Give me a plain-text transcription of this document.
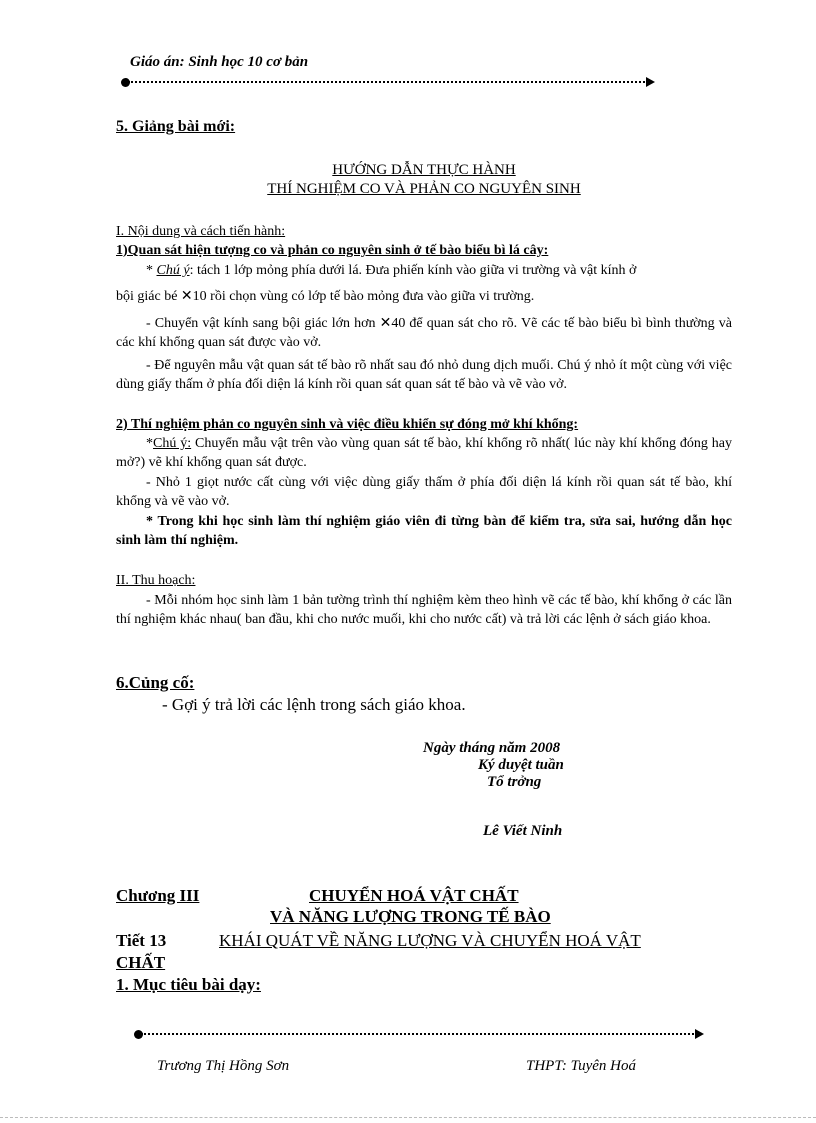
Giáo án: Sinh học 10 cơ bản
5. Giảng bài mới:
HƯỚNG DẪN THỰC HÀNH
THÍ NGHIỆM CO VÀ PHẢN CO NGUYÊN SINH
I. Nội dung và cách tiến hành:
1)Quan sát hiện tượng co và phản co nguyên sinh ở tế bào biểu bì lá cây:
* Chú ý: tách 1 lớp mỏng phía dưới lá. Đưa phiến kính vào giữa vi trường và vật kính ở
bội giác bé ✕10 rồi chọn vùng có lớp tế bào mỏng đưa vào giữa vi trường.
- Chuyển vật kính sang bội giác lớn hơn ✕40 để quan sát cho rõ. Vẽ các tế bào biểu bì bình thường và các khí khổng quan sát được vào vở.
- Để nguyên mẫu vật quan sát tế bào rõ nhất sau đó nhỏ dung dịch muối. Chú ý nhỏ ít một cùng với việc dùng giấy thấm ở phía đối diện lá kính rồi quan sát quan sát tế bào và vẽ vào vở.
2) Thí nghiệm phản co nguyên sinh và việc điều khiển sự đóng mở khí khổng:
*Chú ý: Chuyển mẫu vật trên vào vùng quan sát tế bào, khí khổng rõ nhất( lúc này khí khổng đóng hay mở?) vẽ khí khổng quan sát được.
- Nhỏ 1 giọt nước cất cùng với việc dùng giấy thấm ở phía đối diện lá kính rồi quan sát tế bào, khí khổng và vẽ vào vở.
* Trong khi học sinh làm thí nghiệm giáo viên đi từng bàn để kiểm tra, sửa sai, hướng dẫn học sinh làm thí nghiệm.
II. Thu hoạch:
- Mỗi nhóm học sinh làm 1 bản tường trình thí nghiệm kèm theo hình vẽ các tế bào, khí khổng ở các lần thí nghiệm khác nhau( ban đầu, khi cho nước muối, khi cho nước cất) và trả lời các lệnh ở sách giáo khoa.
6.Củng cố:
- Gợi ý trả lời các lệnh trong sách giáo khoa.
Ngày tháng năm 2008
Ký duyệt tuần
Tổ trởng
Lê Viết Ninh
Chương III	CHUYỂN HOÁ VẬT CHẤT
VÀ NĂNG LƯỢNG TRONG TẾ BÀO
Tiết 13	KHÁI QUÁT VỀ NĂNG LƯỢNG VÀ CHUYỂN HOÁ VẬT
CHẤT
1. Mục tiêu bài dạy:
Trương Thị Hồng Sơn	THPT: Tuyên Hoá
